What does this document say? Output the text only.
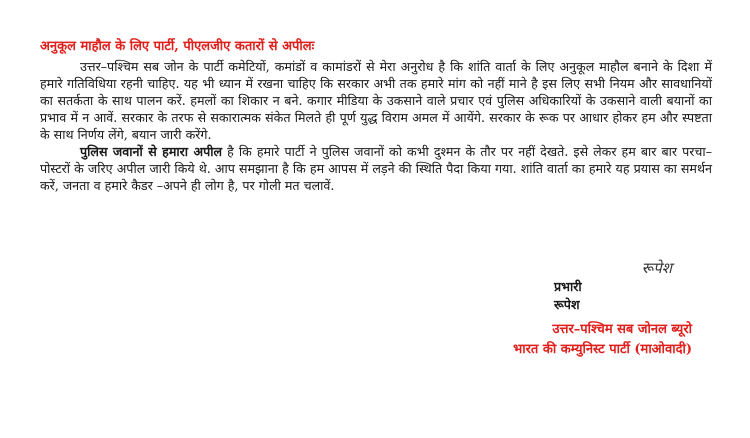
अनुकूल माहौल के लिए पार्टी, पीएलजीए कतारों से अपीलः

उत्तर–पश्चिम सब जोन के पार्टी कमेटियों, कमांडों व कामांडरों से मेरा अनुरोध है कि शांति वार्ता के लिए अनुकूल माहौल बनाने के दिशा में हमारे गतिविधिया रहनी चाहिए. यह भी ध्यान में रखना चाहिए कि सरकार अभी तक हमारे मांग को नहीं माने है इस लिए सभी नियम और सावधानियों का सतर्कता के साथ पालन करें. हमलों का शिकार न बने. कगार मीडिया के उकसाने वाले प्रचार एवं पुलिस अधिकारियों के उकसाने वाली बयानों का प्रभाव में न आवें. सरकार के तरफ से सकारात्मक संकेत मिलते ही पूर्ण युद्ध विराम अमल में आयेंगे. सरकार के रूक पर आधार होकर हम और स्पष्टता के साथ निर्णय लेंगे, बयान जारी करेंगे.

पुलिस जवानों से हमारा अपील है कि हमारे पार्टी ने पुलिस जवानों को कभी दुश्मन के तौर पर नहीं देखते. इसे लेकर हम बार बार परचा–पोस्टरों के जरिए अपील जारी किये थे. आप समझाना है कि हम आपस में लड़ने की स्थिति पैदा किया गया. शांति वार्ता का हमारे यह प्रयास का समर्थन करें, जनता व हमारे कैडर –अपने ही लोग है, पर गोली मत चलावें.

रूपेश
प्रभारी
रूपेश
उत्तर–पश्चिम सब जोनल ब्यूरो
भारत की कम्युनिस्ट पार्टी (माओवादी)
